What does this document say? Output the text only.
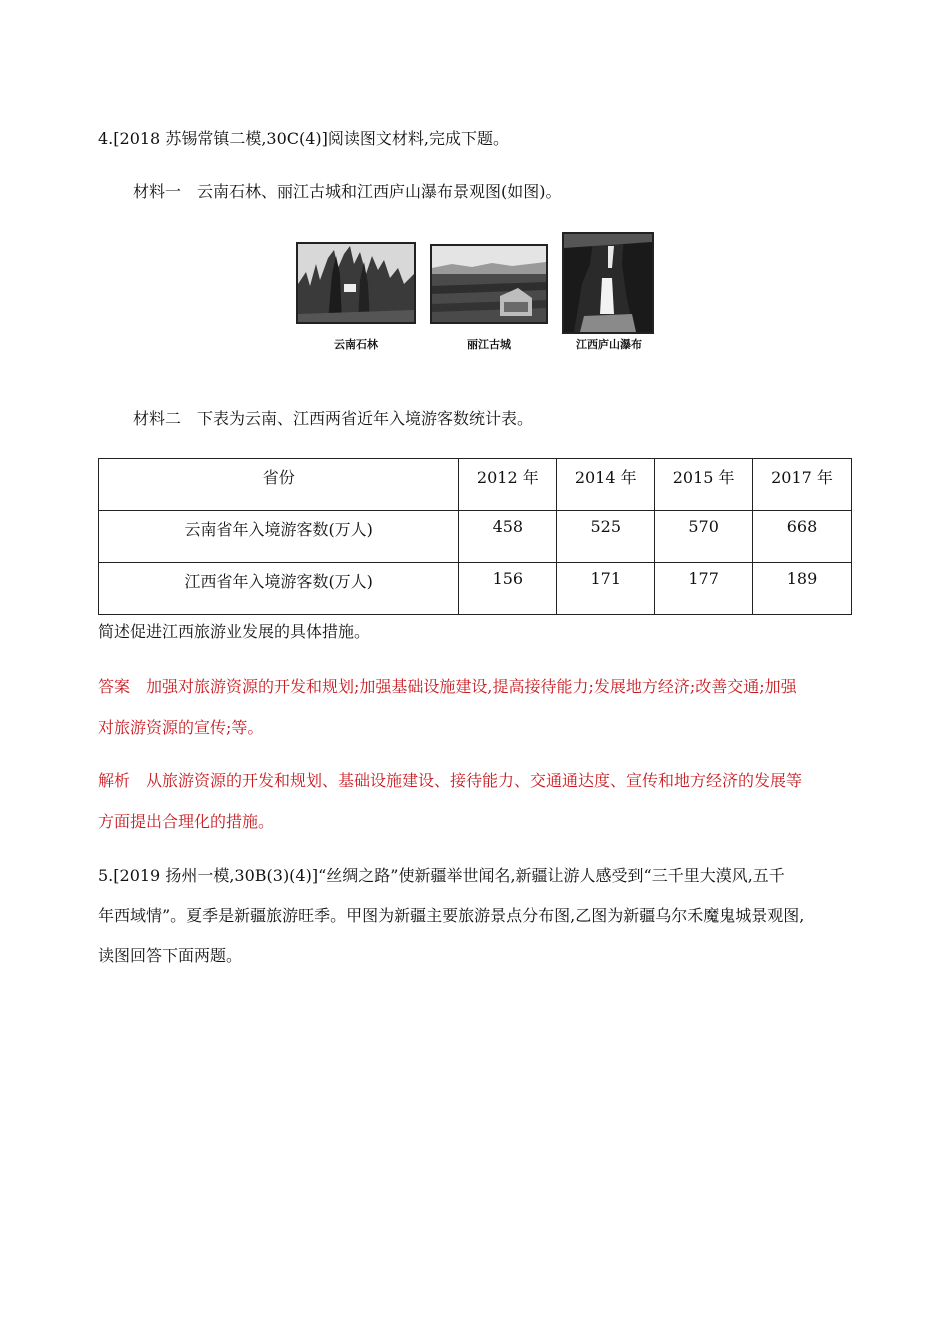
4.[2018 苏锡常镇二模,30C(4)]阅读图文材料,完成下题。
材料一　云南石林、丽江古城和江西庐山瀑布景观图(如图)。
云南石林	丽江古城	江西庐山瀑布
材料二　下表为云南、江西两省近年入境游客数统计表。
省份	2012 年	2014 年	2015 年	2017 年
云南省年入境游客数(万人)	458	525	570	668
江西省年入境游客数(万人)	156	171	177	189
简述促进江西旅游业发展的具体措施。
答案　加强对旅游资源的开发和规划;加强基础设施建设,提高接待能力;发展地方经济;改善交通;加强
对旅游资源的宣传;等。
解析　从旅游资源的开发和规划、基础设施建设、接待能力、交通通达度、宣传和地方经济的发展等
方面提出合理化的措施。
5.[2019 扬州一模,30B(3)(4)]“丝绸之路”使新疆举世闻名,新疆让游人感受到“三千里大漠风,五千
年西域情”。夏季是新疆旅游旺季。甲图为新疆主要旅游景点分布图,乙图为新疆乌尔禾魔鬼城景观图,
读图回答下面两题。
